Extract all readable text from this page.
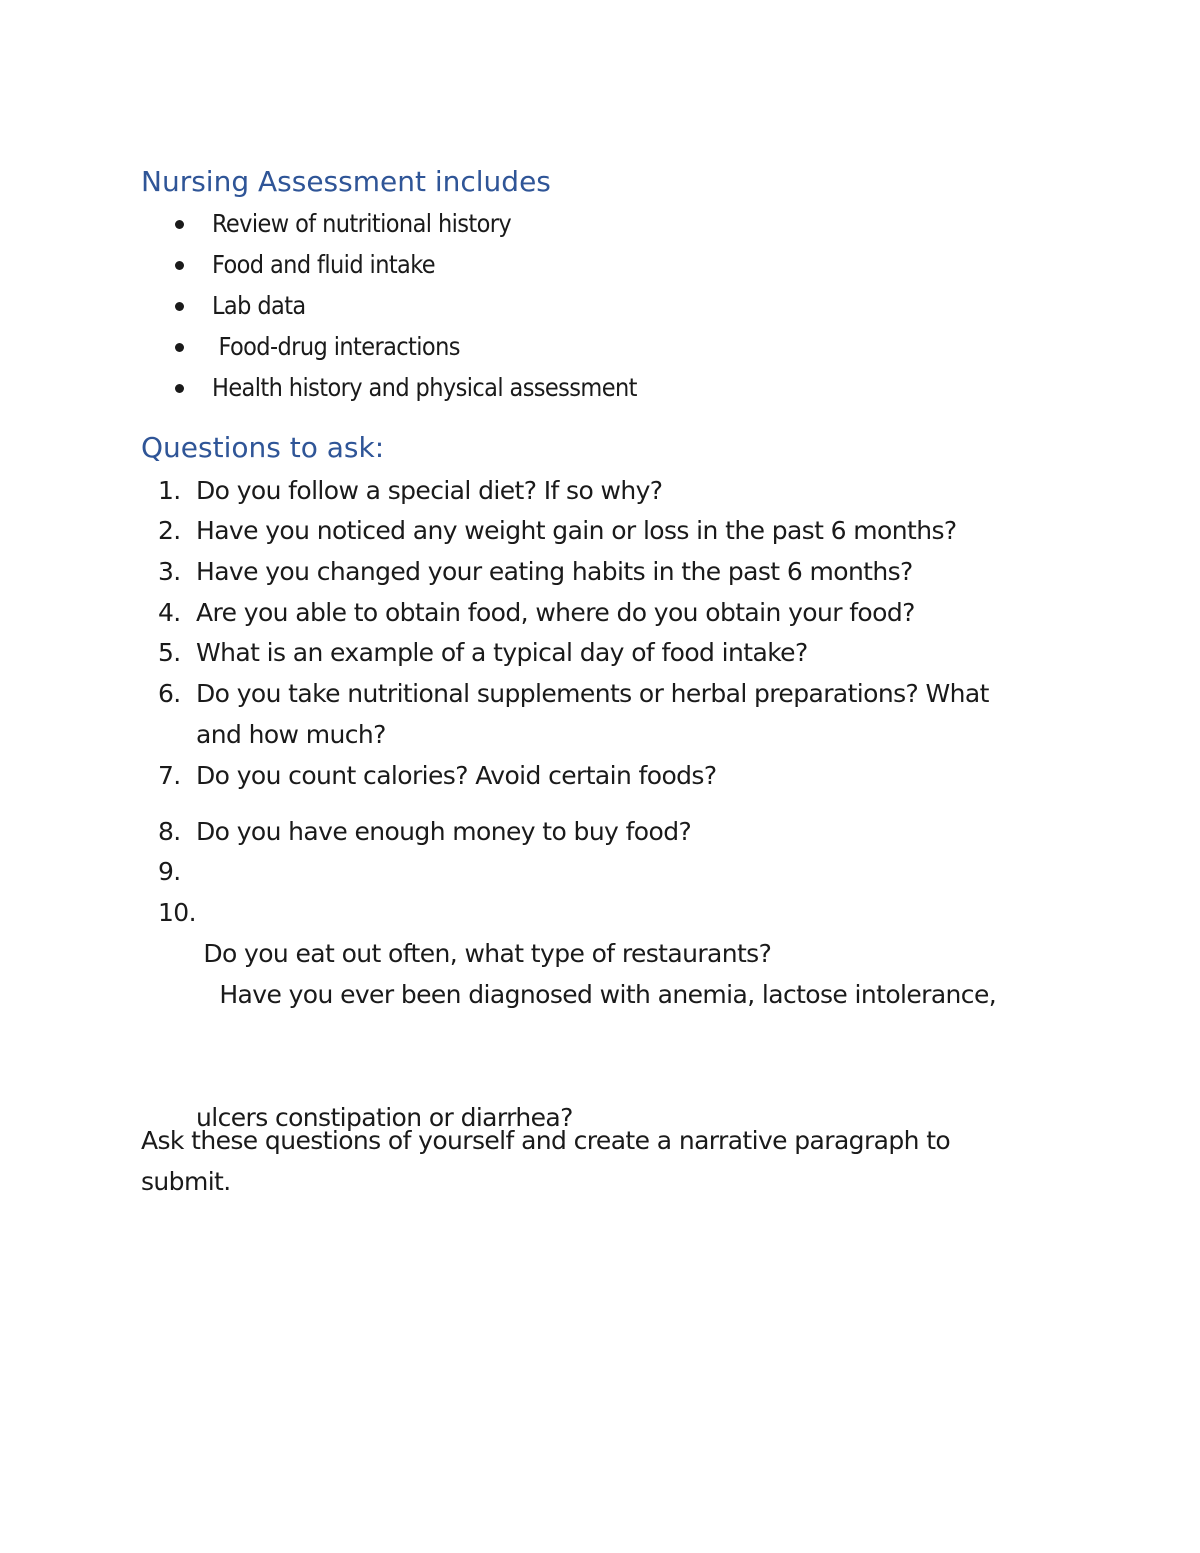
Nursing Assessment includes
Review of nutritional history
Food and fluid intake
Lab data
Food-drug interactions
Health history and physical assessment
Questions to ask:
1. Do you follow a special diet? If so why?
2. Have you noticed any weight gain or loss in the past 6 months?
3. Have you changed your eating habits in the past 6 months?
4. Are you able to obtain food, where do you obtain your food?
5. What is an example of a typical day of food intake?
6. Do you take nutritional supplements or herbal preparations? What
and how much?
7. Do you count calories? Avoid certain foods?
8. Do you have enough money to buy food?
9.

Do you eat out often, what type of restaurants?

10.

Have you ever been diagnosed with anemia, lactose intolerance,

ulcers constipation or diarrhea?

Ask these questions of yourself and create a narrative paragraph to submit.
